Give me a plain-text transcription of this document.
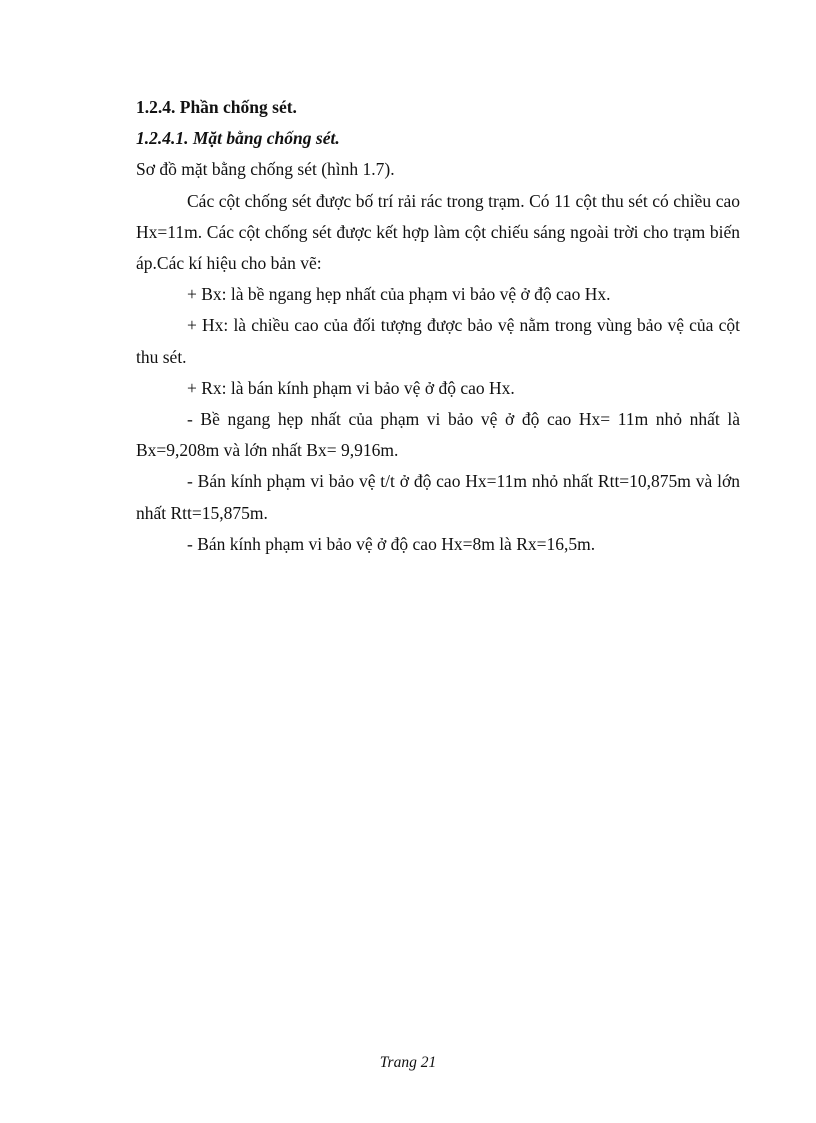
1.2.4. Phần chống sét.

1.2.4.1. Mặt bằng chống sét.

Sơ đồ mặt bằng chống sét (hình 1.7).

Các cột chống sét được bố trí rải rác trong trạm. Có 11 cột thu sét có chiều cao Hx=11m. Các cột chống sét được kết hợp làm cột chiếu sáng ngoài trời cho trạm biến áp.Các kí hiệu cho bản vẽ:

+ Bx: là bề ngang hẹp nhất của phạm vi bảo vệ ở độ cao Hx.

+ Hx: là chiều cao của đối tượng được bảo vệ nằm trong vùng bảo vệ của cột thu sét.

+ Rx: là bán kính phạm vi bảo vệ ở độ cao Hx.

- Bề ngang hẹp nhất của phạm vi bảo vệ ở độ cao Hx= 11m nhỏ nhất là Bx=9,208m và lớn nhất Bx= 9,916m.

- Bán kính phạm vi bảo vệ t/t ở độ cao Hx=11m nhỏ nhất Rtt=10,875m và lớn nhất Rtt=15,875m.

- Bán kính phạm vi bảo vệ ở độ cao Hx=8m là Rx=16,5m.

Trang 21
